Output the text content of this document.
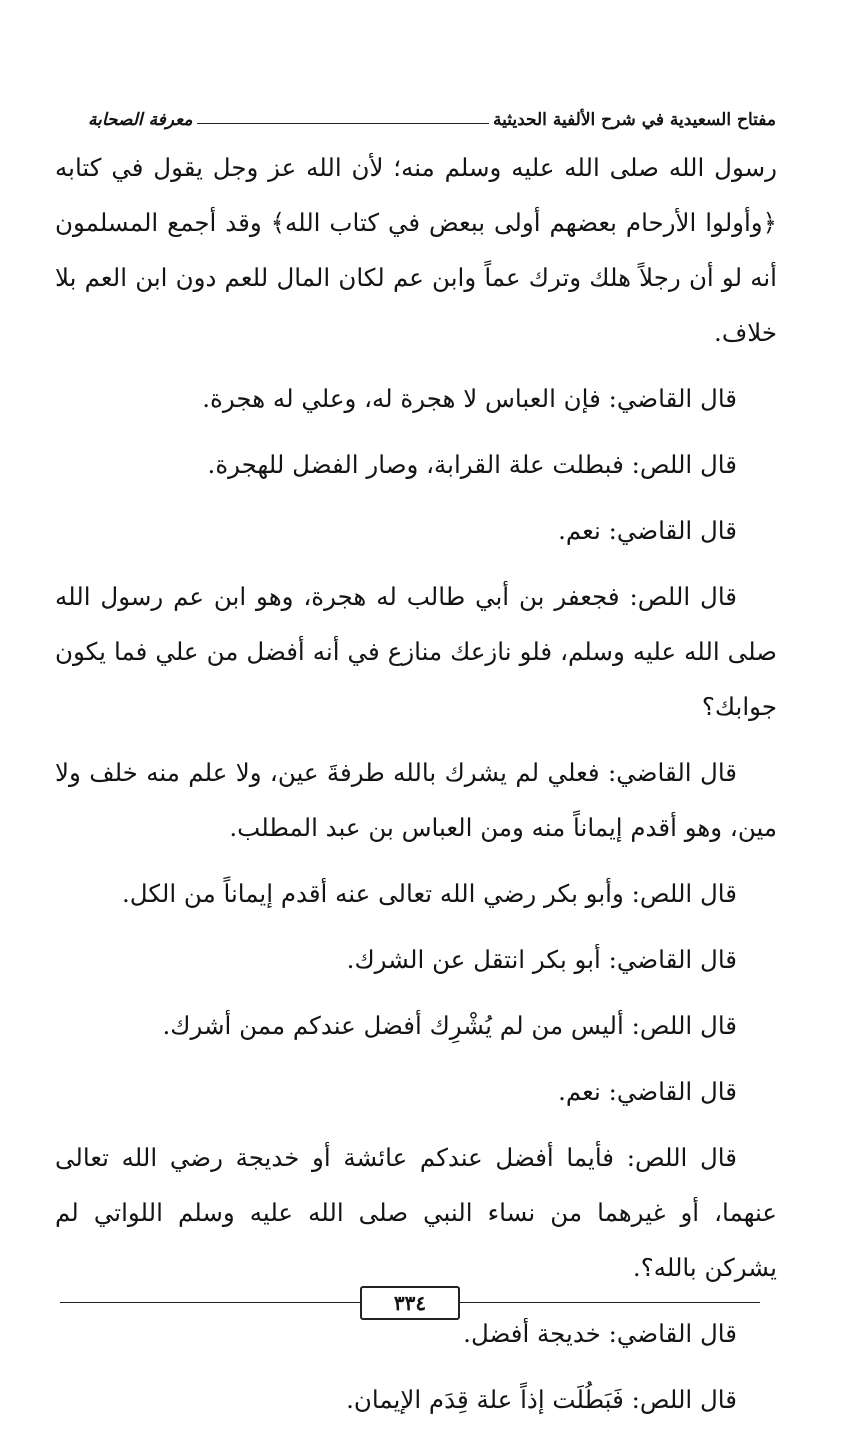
مفتاح السعيدية في شرح الألفية الحديثية
معرفة الصحابة

رسول الله صلى الله عليه وسلم منه؛ لأن الله عز وجل يقول في كتابه ﴿وأولوا الأرحام بعضهم أولى ببعض في كتاب الله﴾ وقد أجمع المسلمون أنه لو أن رجلاً هلك وترك عماً وابن عم لكان المال للعم دون ابن العم بلا خلاف.

قال القاضي: فإن العباس لا هجرة له، وعلي له هجرة.

قال اللص: فبطلت علة القرابة، وصار الفضل للهجرة.

قال القاضي: نعم.

قال اللص: فجعفر بن أبي طالب له هجرة، وهو ابن عم رسول الله صلى الله عليه وسلم، فلو نازعك منازع في أنه أفضل من علي فما يكون جوابك؟

قال القاضي: فعلي لم يشرك بالله طرفةَ عين، ولا علم منه خلف ولا مين، وهو أقدم إيماناً منه ومن العباس بن عبد المطلب.

قال اللص: وأبو بكر رضي الله تعالى عنه أقدم إيماناً من الكل.

قال القاضي: أبو بكر انتقل عن الشرك.

قال اللص: أليس من لم يُشْرِك أفضل عندكم ممن أشرك.

قال القاضي: نعم.

قال اللص: فأيما أفضل عندكم عائشة أو خديجة رضي الله تعالى عنهما، أو غيرهما من نساء النبي صلى الله عليه وسلم اللواتي لم يشركن بالله؟.

قال القاضي: خديجة أفضل.

قال اللص: فَبَطُلَت إذاً علة قِدَم الإيمان.

٣٣٤
